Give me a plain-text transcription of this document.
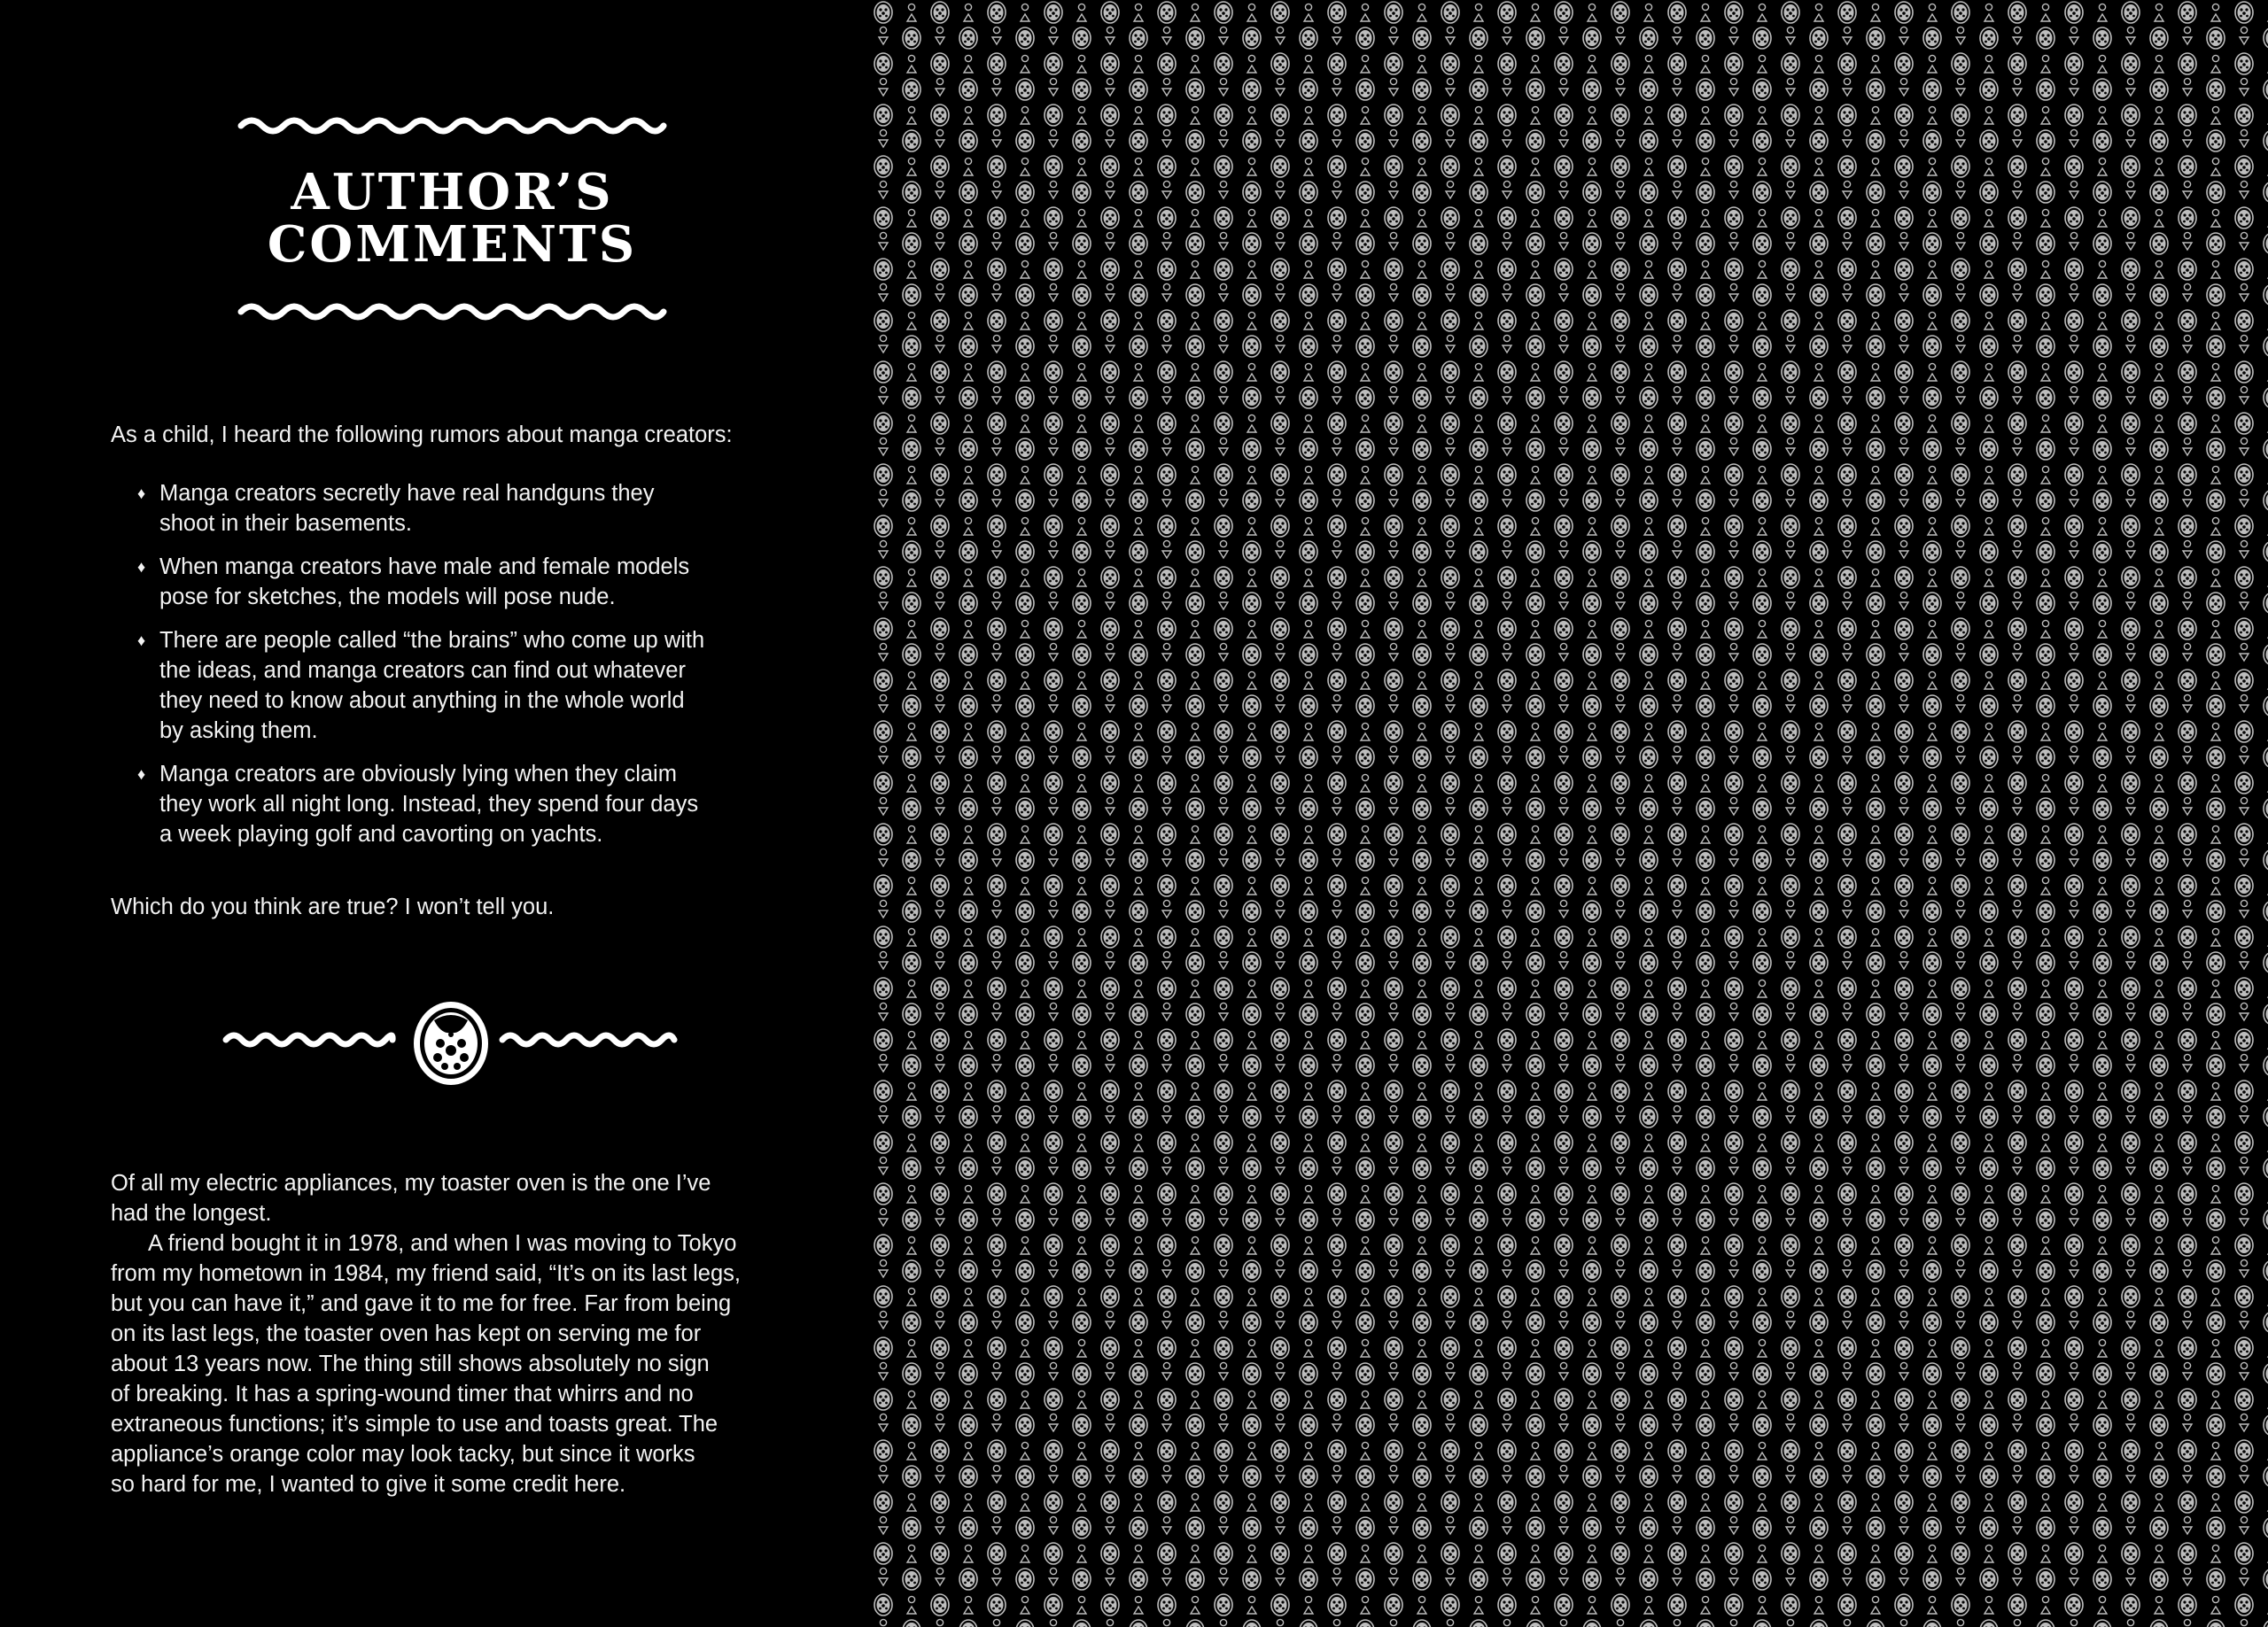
AUTHOR’S
COMMENTS

As a child, I heard the following rumors about manga creators:

♦ Manga creators secretly have real handguns they
shoot in their basements.
♦ When manga creators have male and female models
pose for sketches, the models will pose nude.
♦ There are people called “the brains” who come up with
the ideas, and manga creators can find out whatever
they need to know about anything in the whole world
by asking them.
♦ Manga creators are obviously lying when they claim
they work all night long. Instead, they spend four days
a week playing golf and cavorting on yachts.

Which do you think are true? I won’t tell you.

Of all my electric appliances, my toaster oven is the one I’ve
had the longest.
A friend bought it in 1978, and when I was moving to Tokyo
from my hometown in 1984, my friend said, “It’s on its last legs,
but you can have it,” and gave it to me for free. Far from being
on its last legs, the toaster oven has kept on serving me for
about 13 years now. The thing still shows absolutely no sign
of breaking. It has a spring-wound timer that whirrs and no
extraneous functions; it’s simple to use and toasts great. The
appliance’s orange color may look tacky, but since it works
so hard for me, I wanted to give it some credit here.
